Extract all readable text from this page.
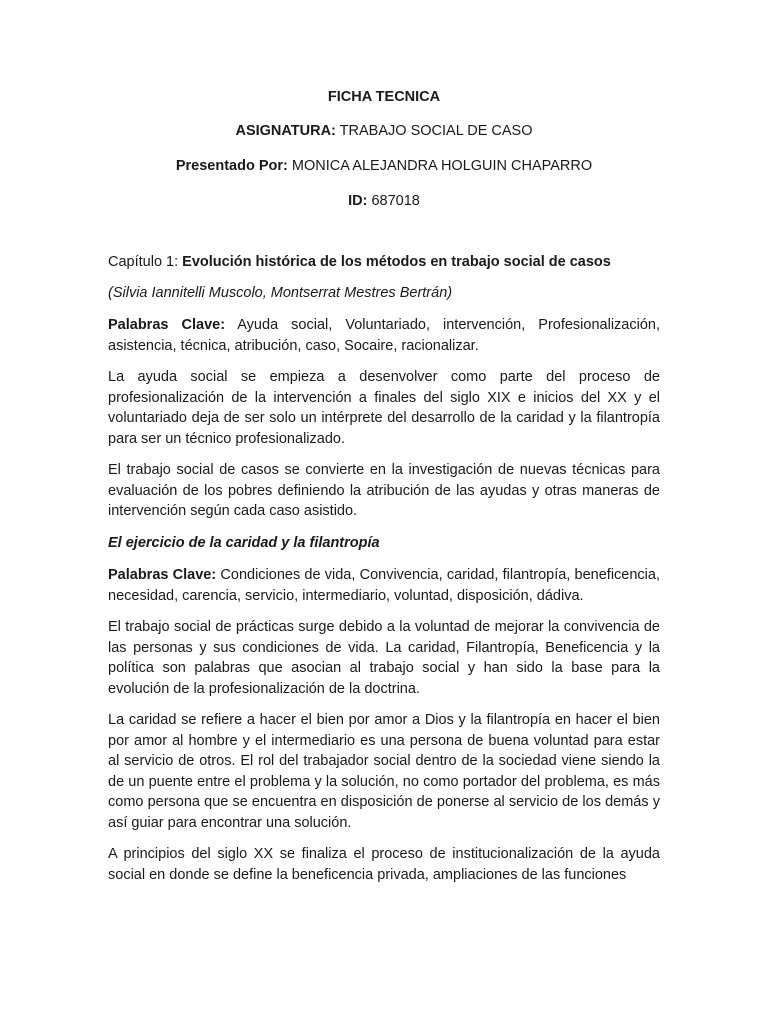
FICHA TECNICA

ASIGNATURA: TRABAJO SOCIAL DE CASO

Presentado Por: MONICA ALEJANDRA HOLGUIN CHAPARRO

ID: 687018

Capítulo 1: Evolución histórica de los métodos en trabajo social de casos

(Silvia Iannitelli Muscolo, Montserrat Mestres Bertrán)

Palabras Clave: Ayuda social, Voluntariado, intervención, Profesionalización, asistencia, técnica, atribución, caso, Socaire, racionalizar.

La ayuda social se empieza a desenvolver como parte del proceso de profesionalización de la intervención a finales del siglo XIX e inicios del XX y el voluntariado deja de ser solo un intérprete del desarrollo de la caridad y la filantropía para ser un técnico profesionalizado.

El trabajo social de casos se convierte en la investigación de nuevas técnicas para evaluación de los pobres definiendo la atribución de las ayudas y otras maneras de intervención según cada caso asistido.

El ejercicio de la caridad y la filantropía

Palabras Clave: Condiciones de vida, Convivencia, caridad, filantropía, beneficencia, necesidad, carencia, servicio, intermediario, voluntad, disposición, dádiva.

El trabajo social de prácticas surge debido a la voluntad de mejorar la convivencia de las personas y sus condiciones de vida. La caridad, Filantropía, Beneficencia y la política son palabras que asocian al trabajo social y han sido la base para la evolución de la profesionalización de la doctrina.

La caridad se refiere a hacer el bien por amor a Dios y la filantropía en hacer el bien por amor al hombre y el intermediario es una persona de buena voluntad para estar al servicio de otros. El rol del trabajador social dentro de la sociedad viene siendo la de un puente entre el problema y la solución, no como portador del problema, es más como persona que se encuentra en disposición de ponerse al servicio de los demás y así guiar para encontrar una solución.

A principios del siglo XX se finaliza el proceso de institucionalización de la ayuda social en donde se define la beneficencia privada, ampliaciones de las funciones
